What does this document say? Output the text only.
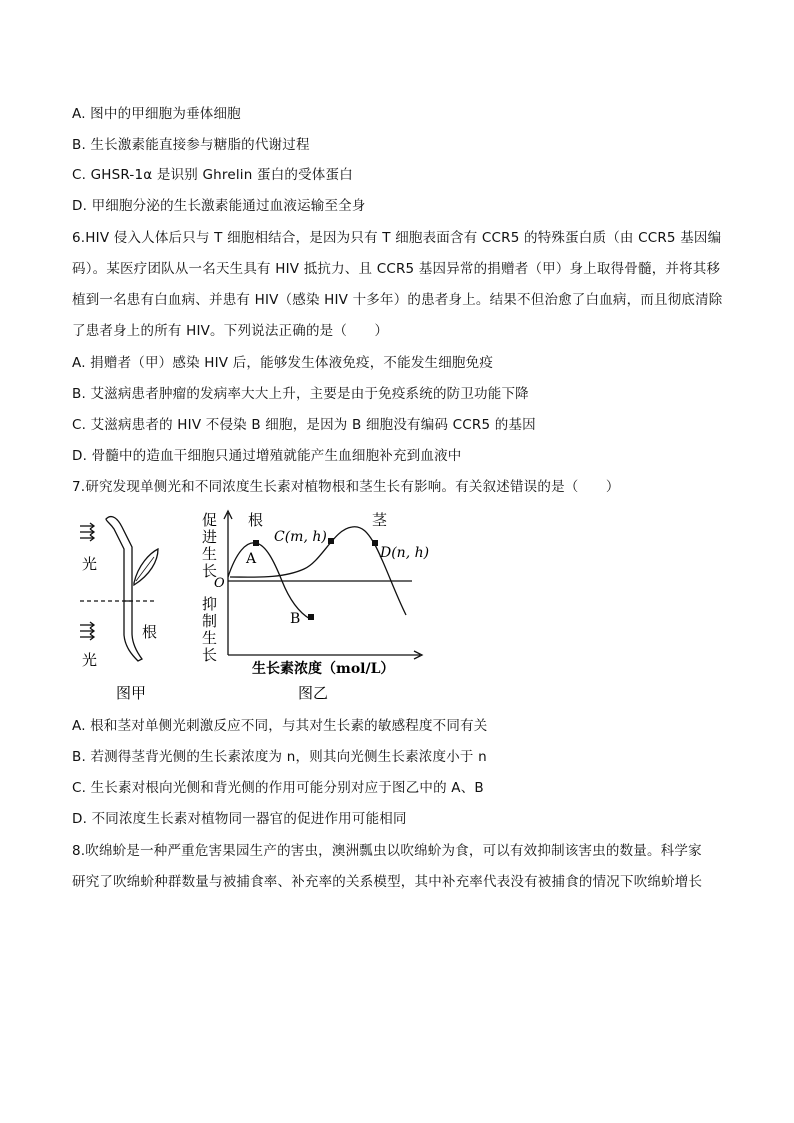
A. 图中的甲细胞为垂体细胞
B. 生长激素能直接参与糖脂的代谢过程
C. GHSR-1α 是识别 Ghrelin 蛋白的受体蛋白
D. 甲细胞分泌的生长激素能通过血液运输至全身
6.HIV 侵入人体后只与 T 细胞相结合，是因为只有 T 细胞表面含有 CCR5 的特殊蛋白质（由 CCR5 基因编
码）。某医疗团队从一名天生具有 HIV 抵抗力、且 CCR5 基因异常的捐赠者（甲）身上取得骨髓，并将其移
植到一名患有白血病、并患有 HIV（感染 HIV 十多年）的患者身上。结果不但治愈了白血病，而且彻底清除
了患者身上的所有 HIV。下列说法正确的是（　　）
A. 捐赠者（甲）感染 HIV 后，能够发生体液免疫，不能发生细胞免疫
B. 艾滋病患者肿瘤的发病率大大上升，主要是由于免疫系统的防卫功能下降
C. 艾滋病患者的 HIV 不侵染 B 细胞，是因为 B 细胞没有编码 CCR5 的基因
D. 骨髓中的造血干细胞只通过增殖就能产生血细胞补充到血液中
7.研究发现单侧光和不同浓度生长素对植物根和茎生长有影响。有关叙述错误的是（　　）
光
光
根
图甲
促
进
生
长
O
抑
制
生
长
根
A
B
C(m, h)
茎
D(n, h)
生长素浓度（mol/L）
图乙
A. 根和茎对单侧光刺激反应不同，与其对生长素的敏感程度不同有关
B. 若测得茎背光侧的生长素浓度为 n，则其向光侧生长素浓度小于 n
C. 生长素对根向光侧和背光侧的作用可能分别对应于图乙中的 A、B
D. 不同浓度生长素对植物同一器官的促进作用可能相同
8.吹绵蚧是一种严重危害果园生产的害虫，澳洲瓢虫以吹绵蚧为食，可以有效抑制该害虫的数量。科学家
研究了吹绵蚧种群数量与被捕食率、补充率的关系模型，其中补充率代表没有被捕食的情况下吹绵蚧增长
